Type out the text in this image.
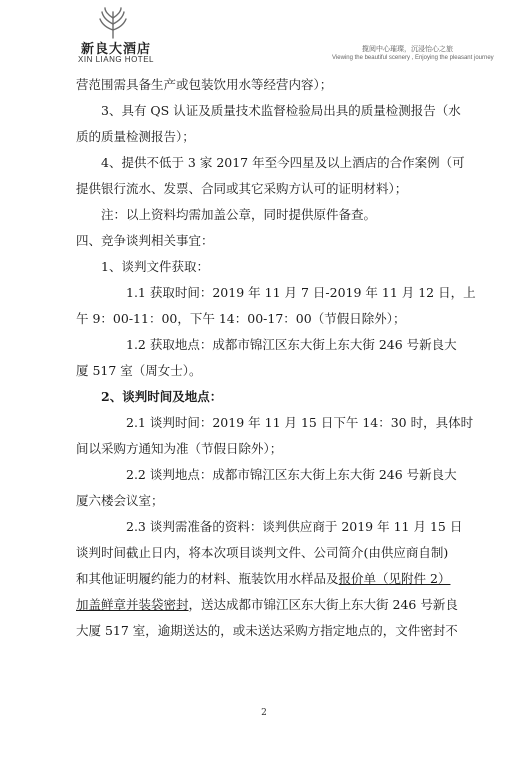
新良大酒店
XIN LIANG HOTEL
揽阅中心璀璨，沉浸怡心之旅
Viewing the beautiful scenery , Enjoying the pleasant journey

营范围需具备生产或包装饮用水等经营内容）；

3、具有 QS 认证及质量技术监督检验局出具的质量检测报告（水

质的质量检测报告）；

4、提供不低于 3 家 2017 年至今四星及以上酒店的合作案例（可

提供银行流水、发票、合同或其它采购方认可的证明材料）；

注：以上资料均需加盖公章，同时提供原件备查。

四、竞争谈判相关事宜：

1、谈判文件获取：

1.1 获取时间：2019 年 11 月 7 日-2019 年 11 月 12 日，上

午 9：00-11：00，下午 14：00-17：00（节假日除外）；

1.2 获取地点：成都市锦江区东大街上东大街 246 号新良大

厦 517 室（周女士）。

2、谈判时间及地点：

2.1 谈判时间：2019 年 11 月 15 日下午 14：30 时，具体时

间以采购方通知为准（节假日除外）；

2.2 谈判地点：成都市锦江区东大街上东大街 246 号新良大

厦六楼会议室；

2.3 谈判需准备的资料：谈判供应商于 2019 年 11 月 15 日

谈判时间截止日内，将本次项目谈判文件、公司简介(由供应商自制)

和其他证明履约能力的材料、瓶装饮用水样品及报价单（见附件 2）

加盖鲜章并装袋密封，送达成都市锦江区东大街上东大街 246 号新良

大厦 517 室，逾期送达的，或未送达采购方指定地点的，文件密封不

2
